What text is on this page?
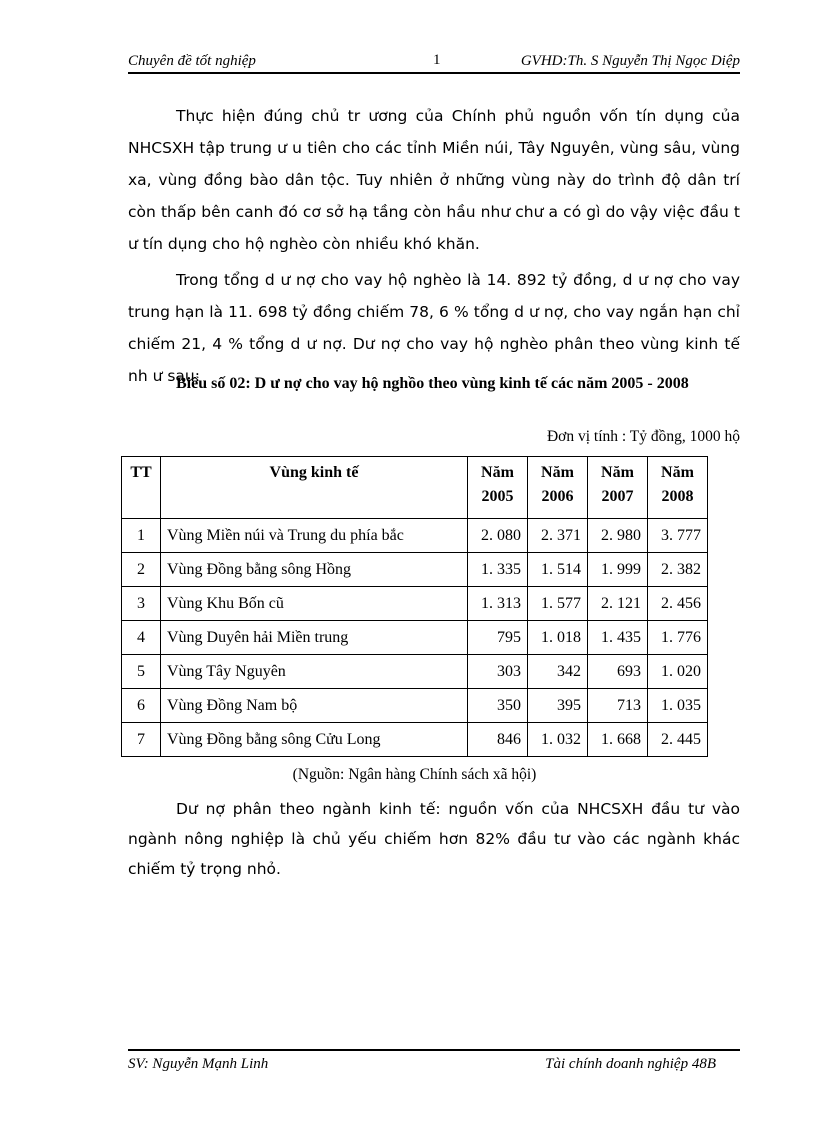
Chuyên đề tốt nghiệp	1	GVHD:Th. S Nguyễn Thị Ngọc Diệp

Thực hiện đúng chủ tr ương của Chính phủ nguồn vốn tín dụng của NHCSXH tập trung ư u tiên cho các tỉnh Miền núi, Tây Nguyên, vùng sâu, vùng xa, vùng đồng bào dân tộc. Tuy nhiên ở những vùng này do trình độ dân trí còn thấp bên canh đó cơ sở hạ tầng còn hầu như chư a có gì do vậy việc đầu t ư tín dụng cho hộ nghèo còn nhiều khó khăn.

Trong tổng d ư nợ cho vay hộ nghèo là 14. 892 tỷ đồng, d ư nợ cho vay trung hạn là 11. 698 tỷ đồng chiếm 78, 6 % tổng d ư nợ, cho vay ngắn hạn chỉ chiếm 21, 4 % tổng d ư nợ. Dư nợ cho vay hộ nghèo phân theo vùng kinh tế nh ư sau:

Biểu số 02: D ư nợ cho vay hộ nghồo theo vùng kinh tế các năm 2005 - 2008

Đơn vị tính : Tỷ đồng, 1000 hộ
TT	Vùng kinh tế	Năm 2005	Năm 2006	Năm 2007	Năm 2008
1	Vùng Miền núi và Trung du phía bắc	2. 080	2. 371	2. 980	3. 777
2	Vùng Đồng bằng sông Hồng	1. 335	1. 514	1. 999	2. 382
3	Vùng Khu Bốn cũ	1. 313	1. 577	2. 121	2. 456
4	Vùng Duyên hải Miền trung	795	1. 018	1. 435	1. 776
5	Vùng Tây Nguyên	303	342	693	1. 020
6	Vùng Đồng Nam bộ	350	395	713	1. 035
7	Vùng Đồng bằng sông Cửu Long	846	1. 032	1. 668	2. 445
(Nguồn: Ngân hàng Chính sách xã hội)

Dư nợ phân theo ngành kinh tế: nguồn vốn của NHCSXH đầu tư vào ngành nông nghiệp là chủ yếu chiếm hơn 82% đầu tư vào các ngành khác chiếm tỷ trọng nhỏ.

SV: Nguyễn Mạnh Linh	Tài chính doanh nghiệp 48B
